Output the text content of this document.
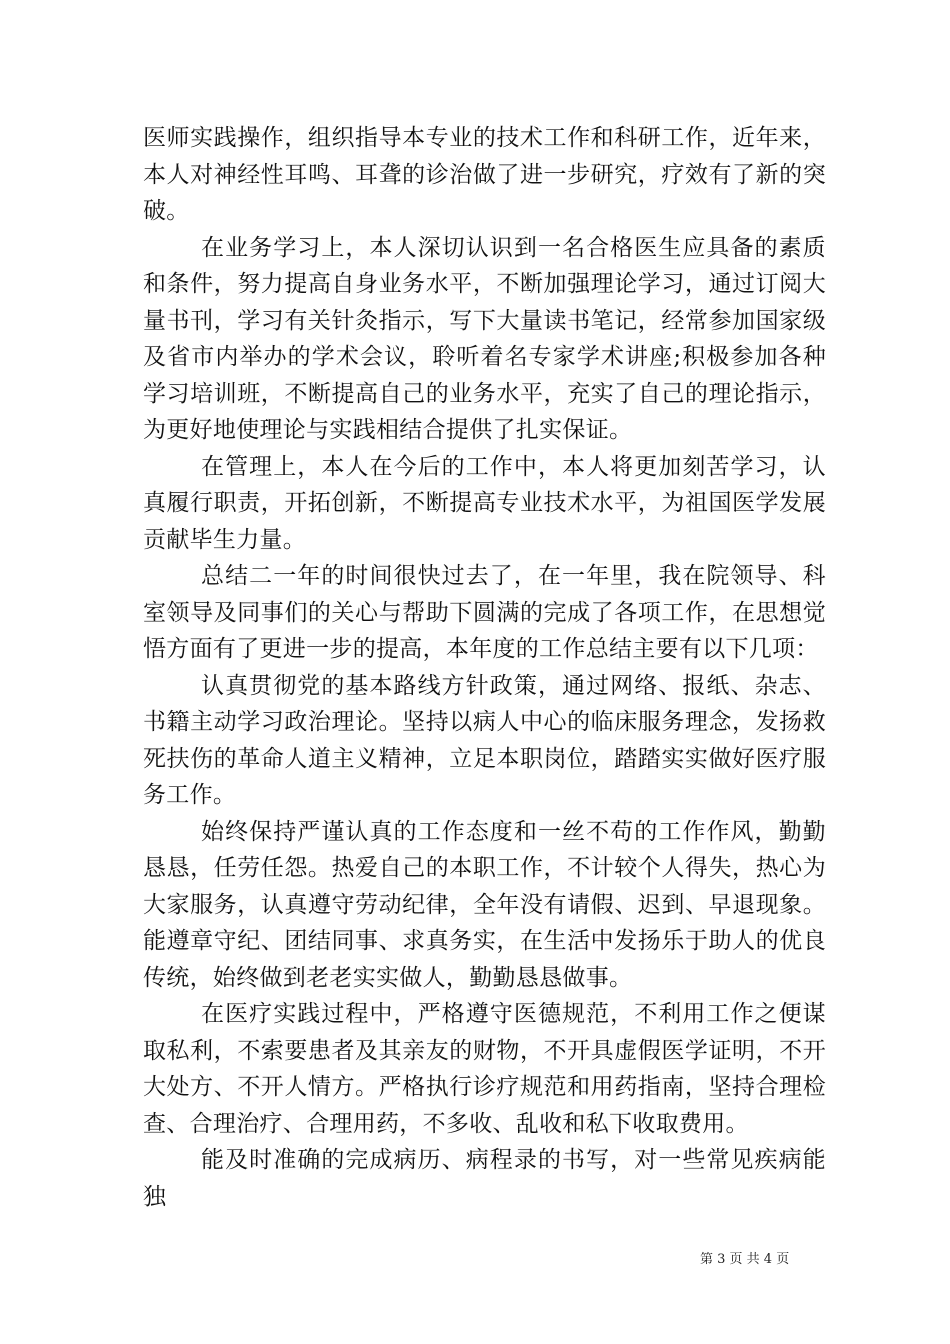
医师实践操作，组织指导本专业的技术工作和科研工作，近年来，本人对神经性耳鸣、耳聋的诊治做了进一步研究，疗效有了新的突破。

在业务学习上，本人深切认识到一名合格医生应具备的素质和条件，努力提高自身业务水平，不断加强理论学习，通过订阅大量书刊，学习有关针灸指示，写下大量读书笔记，经常参加国家级及省市内举办的学术会议，聆听着名专家学术讲座;积极参加各种学习培训班，不断提高自己的业务水平，充实了自己的理论指示，为更好地使理论与实践相结合提供了扎实保证。

在管理上，本人在今后的工作中，本人将更加刻苦学习，认真履行职责，开拓创新，不断提高专业技术水平，为祖国医学发展贡献毕生力量。

总结二一年的时间很快过去了，在一年里，我在院领导、科室领导及同事们的关心与帮助下圆满的完成了各项工作，在思想觉悟方面有了更进一步的提高，本年度的工作总结主要有以下几项：

认真贯彻党的基本路线方针政策，通过网络、报纸、杂志、书籍主动学习政治理论。坚持以病人中心的临床服务理念，发扬救死扶伤的革命人道主义精神，立足本职岗位，踏踏实实做好医疗服务工作。

始终保持严谨认真的工作态度和一丝不苟的工作作风，勤勤恳恳，任劳任怨。热爱自己的本职工作，不计较个人得失，热心为大家服务，认真遵守劳动纪律，全年没有请假、迟到、早退现象。能遵章守纪、团结同事、求真务实，在生活中发扬乐于助人的优良传统，始终做到老老实实做人，勤勤恳恳做事。

在医疗实践过程中，严格遵守医德规范，不利用工作之便谋取私利，不索要患者及其亲友的财物，不开具虚假医学证明，不开大处方、不开人情方。严格执行诊疗规范和用药指南，坚持合理检查、合理治疗、合理用药，不多收、乱收和私下收取费用。

能及时准确的完成病历、病程录的书写，对一些常见疾病能独

第 3 页 共 4 页
